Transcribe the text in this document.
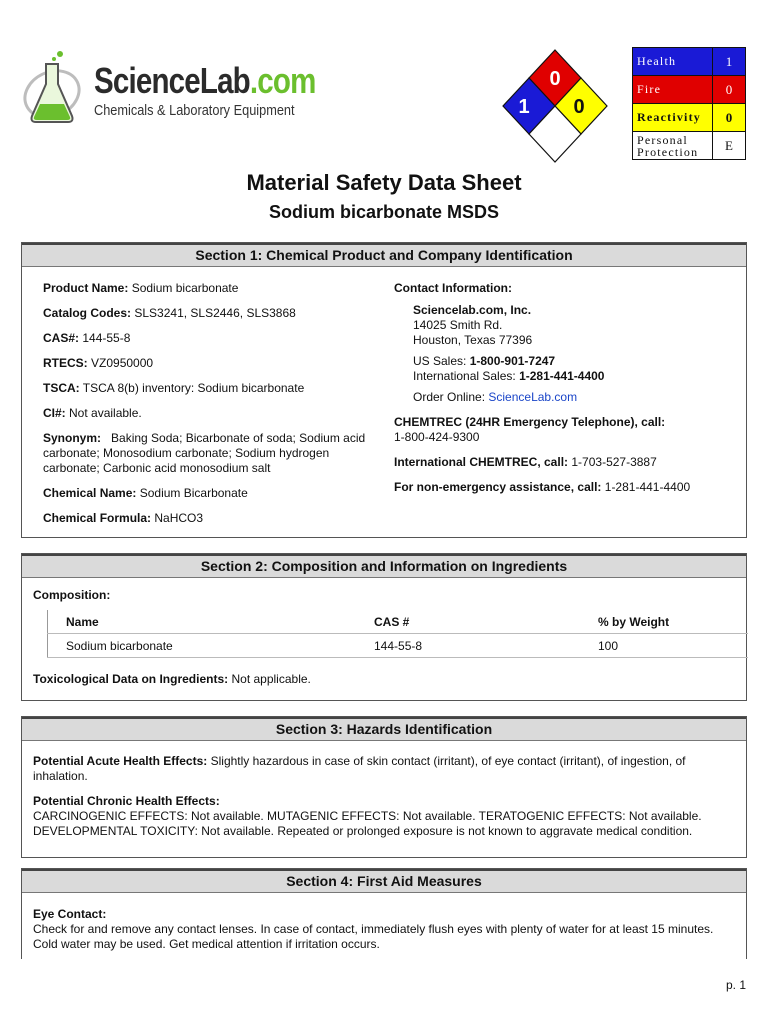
ScienceLab.com
Chemicals & Laboratory Equipment
0
1 0
Health	1
Fire	0
Reactivity	0
Personal
Protection	E
Material Safety Data Sheet
Sodium bicarbonate MSDS
Section 1: Chemical Product and Company Identification

Product Name: Sodium bicarbonate

Catalog Codes: SLS3241, SLS2446, SLS3868

CAS#: 144-55-8

RTECS: VZ0950000

TSCA: TSCA 8(b) inventory: Sodium bicarbonate

CI#: Not available.

Synonym: Baking Soda; Bicarbonate of soda; Sodium acid carbonate; Monosodium carbonate; Sodium hydrogen carbonate; Carbonic acid monosodium salt

Chemical Name: Sodium Bicarbonate

Chemical Formula: NaHCO3

Contact Information:

Sciencelab.com, Inc.

14025 Smith Rd.

Houston, Texas 77396

US Sales: 1-800-901-7247

International Sales: 1-281-441-4400

Order Online: ScienceLab.com

CHEMTREC (24HR Emergency Telephone), call:

1-800-424-9300

International CHEMTREC, call: 1-703-527-3887

For non-emergency assistance, call: 1-281-441-4400

Section 2: Composition and Information on Ingredients
Composition:
Name	CAS #	% by Weight
Sodium bicarbonate	144-55-8	100
Toxicological Data on Ingredients: Not applicable.
Section 3: Hazards Identification
Potential Acute Health Effects: Slightly hazardous in case of skin contact (irritant), of eye contact (irritant), of ingestion, of inhalation.

Potential Chronic Health Effects:

CARCINOGENIC EFFECTS: Not available. MUTAGENIC EFFECTS: Not available. TERATOGENIC EFFECTS: Not available. DEVELOPMENTAL TOXICITY: Not available. Repeated or prolonged exposure is not known to aggravate medical condition.

Section 4: First Aid Measures

Eye Contact:

Check for and remove any contact lenses. In case of contact, immediately flush eyes with plenty of water for at least 15 minutes. Cold water may be used. Get medical attention if irritation occurs.

p. 1
